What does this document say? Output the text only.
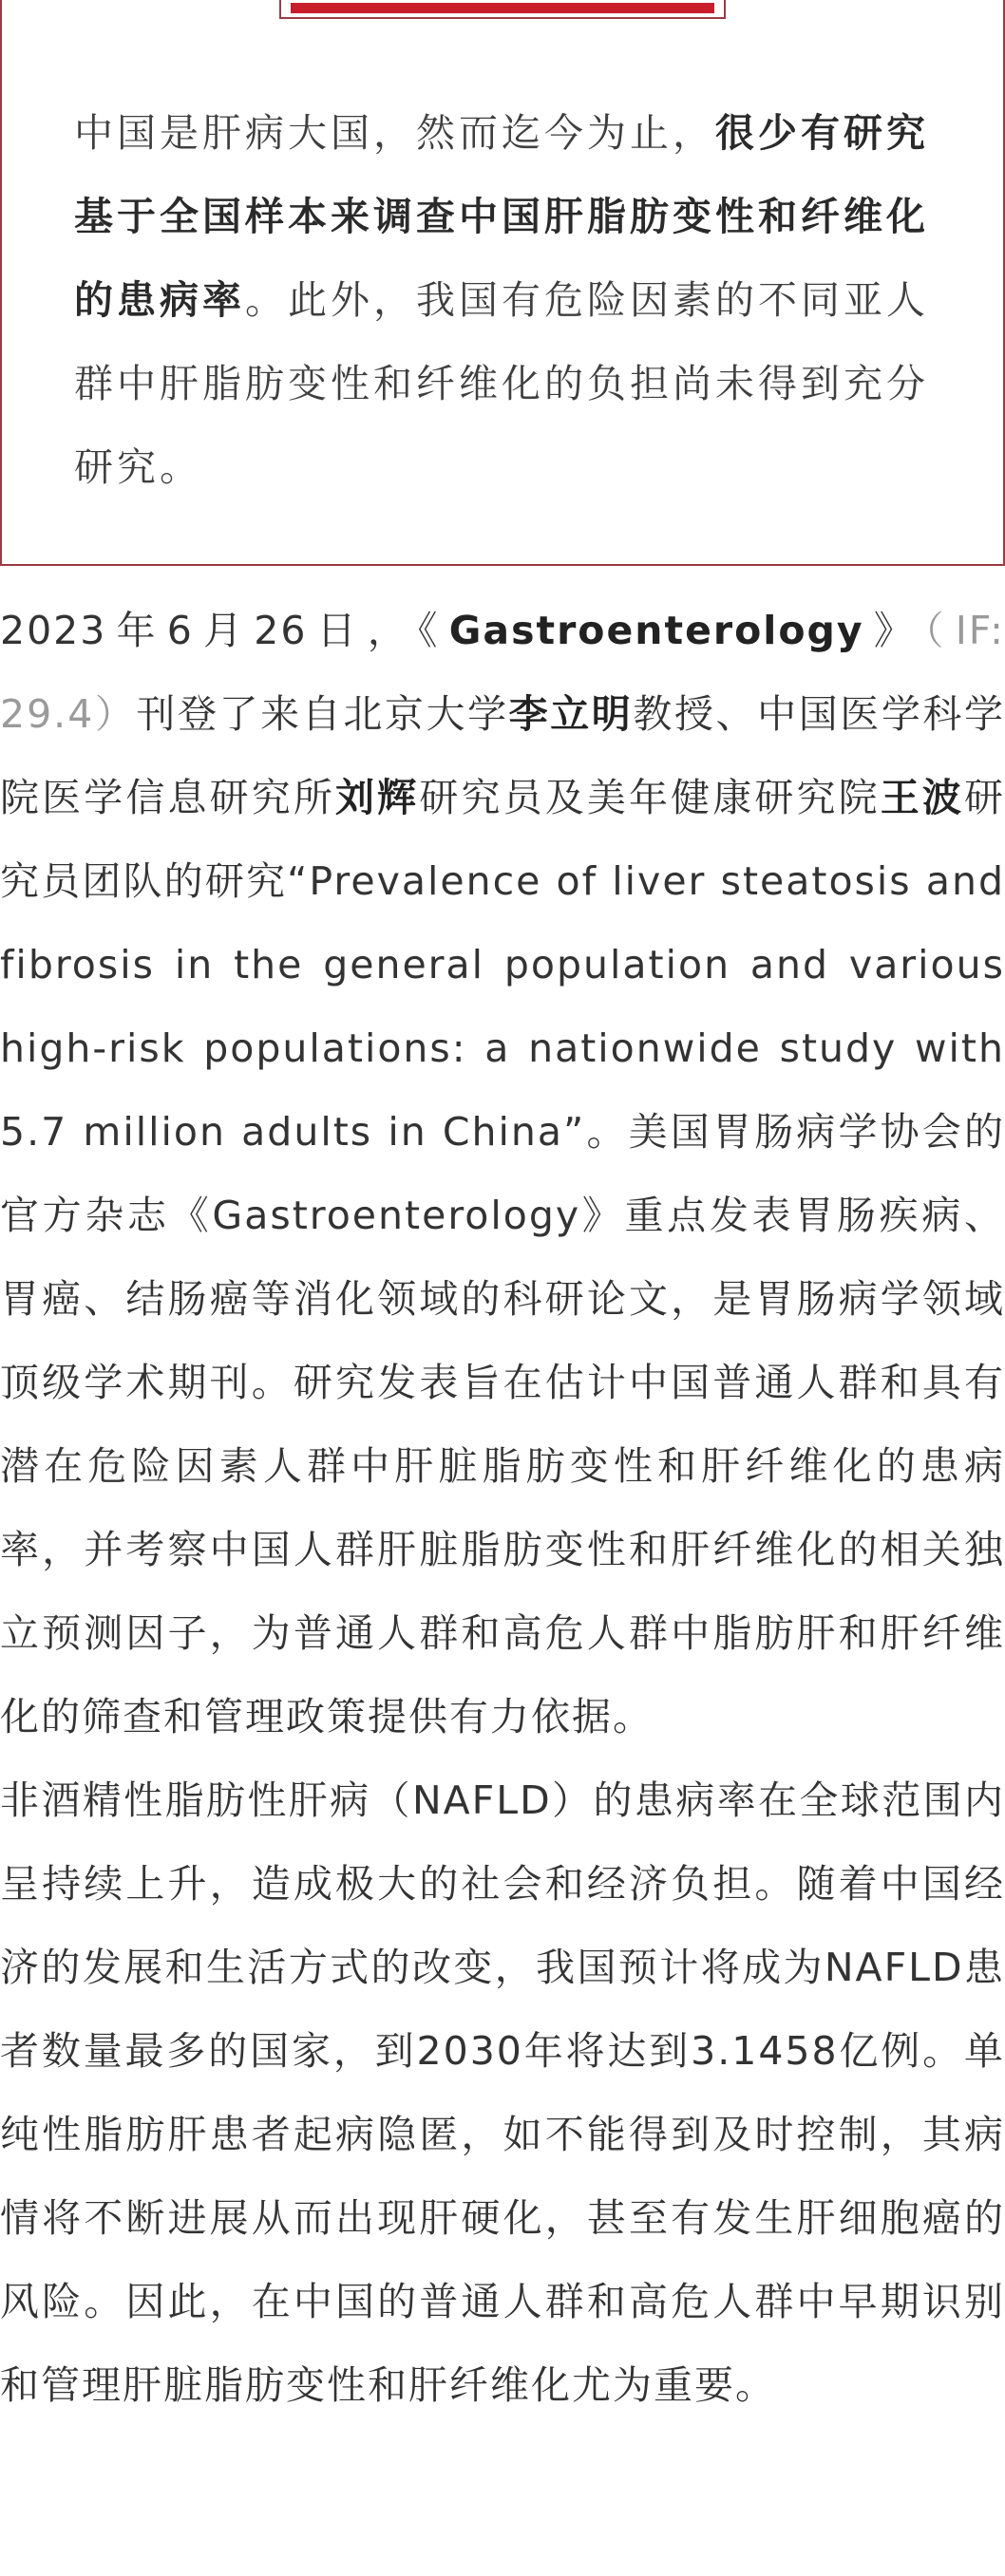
中国是肝病大国，然而迄今为止，很少有研究基于全国样本来调查中国肝脂肪变性和纤维化的患病率。此外，我国有危险因素的不同亚人群中肝脂肪变性和纤维化的负担尚未得到充分研究。

2023年6月26日，《Gastroenterology》（IF: 29.4）刊登了来自北京大学李立明教授、中国医学科学院医学信息研究所刘辉研究员及美年健康研究院王波研究员团队的研究“Prevalence of liver steatosis and fibrosis in the general population and various high-risk populations: a nationwide study with 5.7 million adults in China”。美国胃肠病学协会的官方杂志《Gastroenterology》重点发表胃肠疾病、胃癌、结肠癌等消化领域的科研论文，是胃肠病学领域顶级学术期刊。研究发表旨在估计中国普通人群和具有潜在危险因素人群中肝脏脂肪变性和肝纤维化的患病率，并考察中国人群肝脏脂肪变性和肝纤维化的相关独立预测因子，为普通人群和高危人群中脂肪肝和肝纤维化的筛查和管理政策提供有力依据。

非酒精性脂肪性肝病（NAFLD）的患病率在全球范围内呈持续上升，造成极大的社会和经济负担。随着中国经济的发展和生活方式的改变，我国预计将成为NAFLD患者数量最多的国家，到2030年将达到3.1458亿例。单纯性脂肪肝患者起病隐匿，如不能得到及时控制，其病情将不断进展从而出现肝硬化，甚至有发生肝细胞癌的风险。因此，在中国的普通人群和高危人群中早期识别和管理肝脏脂肪变性和肝纤维化尤为重要。
